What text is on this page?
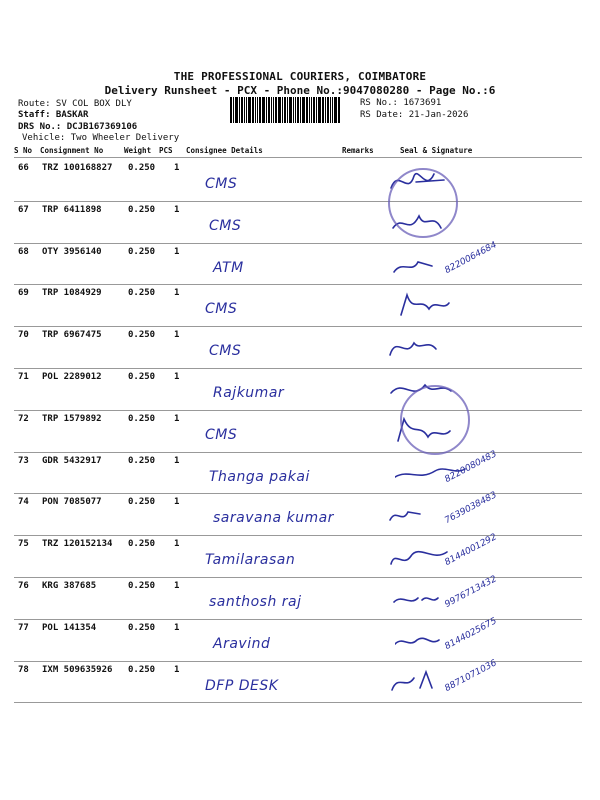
THE PROFESSIONAL COURIERS, COIMBATORE
Delivery Runsheet - PCX - Phone No.:9047080280 - Page No.:6
Route: SV COL BOX DLY
Staff: BASKAR
DRS No.: DCJB167369106
Vehicle: Two Wheeler Delivery
RS No.: 1673691
RS Date: 21-Jan-2026
S No Consignment No	Weight PCS Consignee Details	Remarks	Seal & Signature
66 TRZ 100168827 0.250 1
CMS
67 TRP 6411898	0.250 1
CMS
68 OTY 3956140	0.250 1
ATM	8220064684
69 TRP 1084929	0.250 1
CMS
70 TRP 6967475	0.250 1
CMS
71 POL 2289012	0.250 1
Rajkumar
72 TRP 1579892	0.250 1
CMS
73 GDR 5432917	0.250 1
Thanga pakai	8220080483
74 PON 7085077	0.250 1
saravana kumar	7639038483
75 TRZ 120152134 0.250 1
Tamilarasan	8144001292
76 KRG 387685	0.250 1
santhosh raj	9976713432
77 POL 141354	0.250 1
Aravind	8144025675
78 IXM 509635926 0.250 1
DFP DESK	8871071036
